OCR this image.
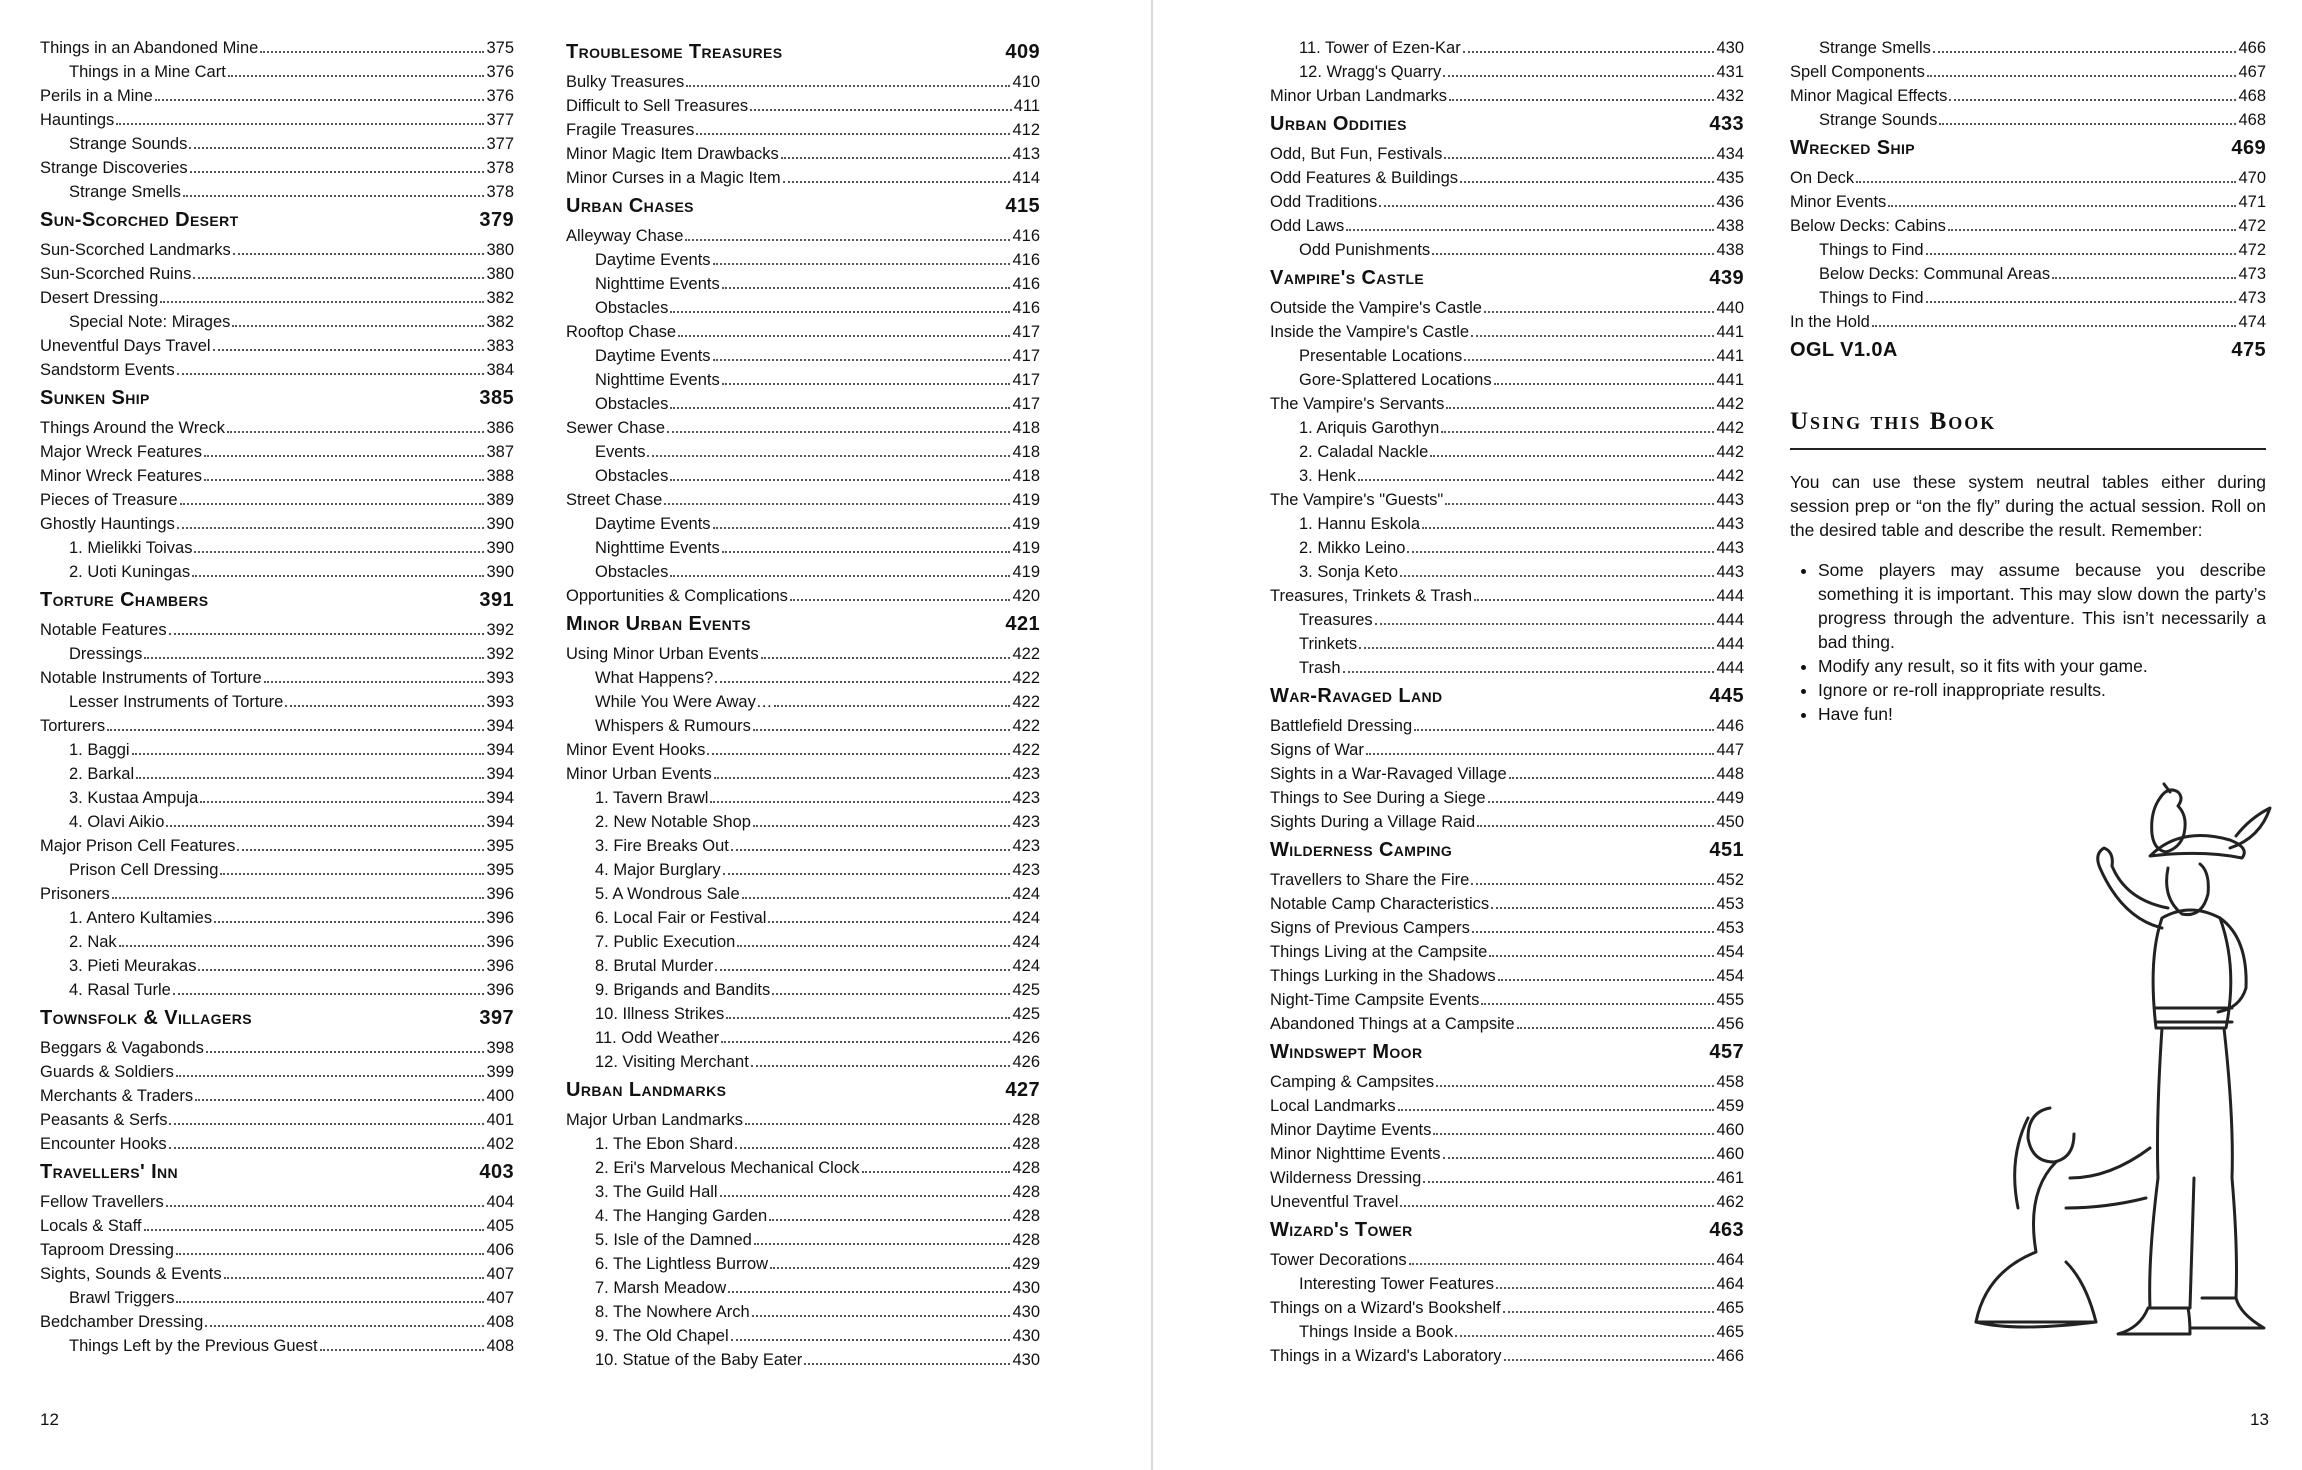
Things in an Abandoned Mine	375
Things in a Mine Cart	376
Perils in a Mine	376
Hauntings	377
Strange Sounds	377
Strange Discoveries	378
Strange Smells	378
Sun-Scorched Desert	379
Sun-Scorched Landmarks	380
Sun-Scorched Ruins	380
Desert Dressing	382
Special Note: Mirages	382
Uneventful Days Travel	383
Sandstorm Events	384
Sunken Ship	385
Things Around the Wreck	386
Major Wreck Features	387
Minor Wreck Features	388
Pieces of Treasure	389
Ghostly Hauntings	390
1. Mielikki Toivas	390
2. Uoti Kuningas	390
Torture Chambers	391
Notable Features	392
Dressings	392
Notable Instruments of Torture	393
Lesser Instruments of Torture	393
Torturers	394
1. Baggi	394
2. Barkal	394
3. Kustaa Ampuja	394
4. Olavi Aikio	394
Major Prison Cell Features	395
Prison Cell Dressing	395
Prisoners	396
1. Antero Kultamies	396
2. Nak	396
3. Pieti Meurakas	396
4. Rasal Turle	396
Townsfolk & Villagers	397
Beggars & Vagabonds	398
Guards & Soldiers	399
Merchants & Traders	400
Peasants & Serfs	401
Encounter Hooks	402
Travellers' Inn	403
Fellow Travellers	404
Locals & Staff	405
Taproom Dressing	406
Sights, Sounds & Events	407
Brawl Triggers	407
Bedchamber Dressing	408
Things Left by the Previous Guest	408
Troublesome Treasures	409
Bulky Treasures	410
Difficult to Sell Treasures	411
Fragile Treasures	412
Minor Magic Item Drawbacks	413
Minor Curses in a Magic Item	414
Urban Chases	415
Alleyway Chase	416
Daytime Events	416
Nighttime Events	416
Obstacles	416
Rooftop Chase	417
Daytime Events	417
Nighttime Events	417
Obstacles	417
Sewer Chase	418
Events	418
Obstacles	418
Street Chase	419
Daytime Events	419
Nighttime Events	419
Obstacles	419
Opportunities & Complications	420
Minor Urban Events	421
Using Minor Urban Events	422
What Happens?	422
While You Were Away…	422
Whispers & Rumours	422
Minor Event Hooks	422
Minor Urban Events	423
1. Tavern Brawl	423
2. New Notable Shop	423
3. Fire Breaks Out	423
4. Major Burglary	423
5. A Wondrous Sale	424
6. Local Fair or Festival	424
7. Public Execution	424
8. Brutal Murder	424
9. Brigands and Bandits	425
10. Illness Strikes	425
11. Odd Weather	426
12. Visiting Merchant	426
Urban Landmarks	427
Major Urban Landmarks	428
1. The Ebon Shard	428
2. Eri's Marvelous Mechanical Clock	428
3. The Guild Hall	428
4. The Hanging Garden	428
5. Isle of the Damned	428
6. The Lightless Burrow	429
7. Marsh Meadow	430
8. The Nowhere Arch	430
9. The Old Chapel	430
10. Statue of the Baby Eater	430
11. Tower of Ezen-Kar	430
12. Wragg's Quarry	431
Minor Urban Landmarks	432
Urban Oddities	433
Odd, But Fun, Festivals	434
Odd Features & Buildings	435
Odd Traditions	436
Odd Laws	438
Odd Punishments	438
Vampire's Castle	439
Outside the Vampire's Castle	440
Inside the Vampire's Castle	441
Presentable Locations	441
Gore-Splattered Locations	441
The Vampire's Servants	442
1. Ariquis Garothyn	442
2. Caladal Nackle	442
3. Henk	442
The Vampire's "Guests"	443
1. Hannu Eskola	443
2. Mikko Leino	443
3. Sonja Keto	443
Treasures, Trinkets & Trash	444
Treasures	444
Trinkets	444
Trash	444
War-Ravaged Land	445
Battlefield Dressing	446
Signs of War	447
Sights in a War-Ravaged Village	448
Things to See During a Siege	449
Sights During a Village Raid	450
Wilderness Camping	451
Travellers to Share the Fire	452
Notable Camp Characteristics	453
Signs of Previous Campers	453
Things Living at the Campsite	454
Things Lurking in the Shadows	454
Night-Time Campsite Events	455
Abandoned Things at a Campsite	456
Windswept Moor	457
Camping & Campsites	458
Local Landmarks	459
Minor Daytime Events	460
Minor Nighttime Events	460
Wilderness Dressing	461
Uneventful Travel	462
Wizard's Tower	463
Tower Decorations	464
Interesting Tower Features	464
Things on a Wizard's Bookshelf	465
Things Inside a Book	465
Things in a Wizard's Laboratory	466
Strange Smells	466
Spell Components	467
Minor Magical Effects	468
Strange Sounds	468
Wrecked Ship	469
On Deck	470
Minor Events	471
Below Decks: Cabins	472
Things to Find	472
Below Decks: Communal Areas	473
Things to Find	473
In the Hold	474
OGL V1.0A	475
Using this Book

You can use these system neutral tables either during session prep or “on the fly” during the actual session. Roll on the desired table and describe the result. Remember:

• Some players may assume because you describe something it is important. This may slow down the party’s progress through the adventure. This isn’t necessarily a bad thing.
• Modify any result, so it fits with your game.
• Ignore or re-roll inappropriate results.
• Have fun!
12	13
